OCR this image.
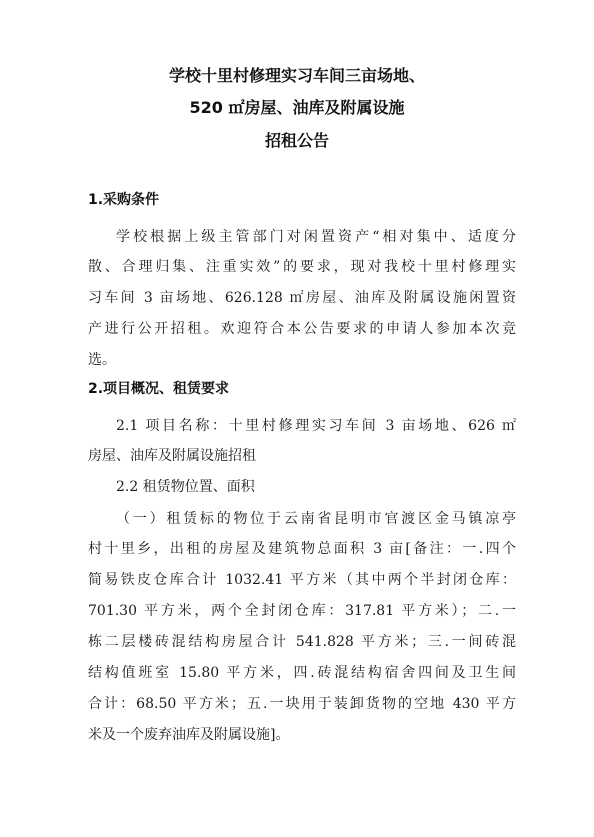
学校十里村修理实习车间三亩场地、
520 ㎡房屋、油库及附属设施
招租公告
1.采购条件
学校根据上级主管部门对闲置资产“相对集中、适度分
散、合理归集、注重实效”的要求，现对我校十里村修理实
习车间 3 亩场地、626.128 ㎡房屋、油库及附属设施闲置资
产进行公开招租。欢迎符合本公告要求的申请人参加本次竞
选。
2.项目概况、租赁要求
2.1 项目名称：十里村修理实习车间 3 亩场地、626 ㎡
房屋、油库及附属设施招租
2.2 租赁物位置、面积
（一）租赁标的物位于云南省昆明市官渡区金马镇凉亭
村十里乡，出租的房屋及建筑物总面积 3 亩[备注：一.四个
简易铁皮仓库合计 1032.41 平方米（其中两个半封闭仓库：
701.30 平方米，两个全封闭仓库：317.81 平方米）；二.一
栋二层楼砖混结构房屋合计 541.828 平方米；三.一间砖混
结构值班室 15.80 平方米，四.砖混结构宿舍四间及卫生间
合计：68.50 平方米；五.一块用于装卸货物的空地 430 平方
米及一个废弃油库及附属设施]。
